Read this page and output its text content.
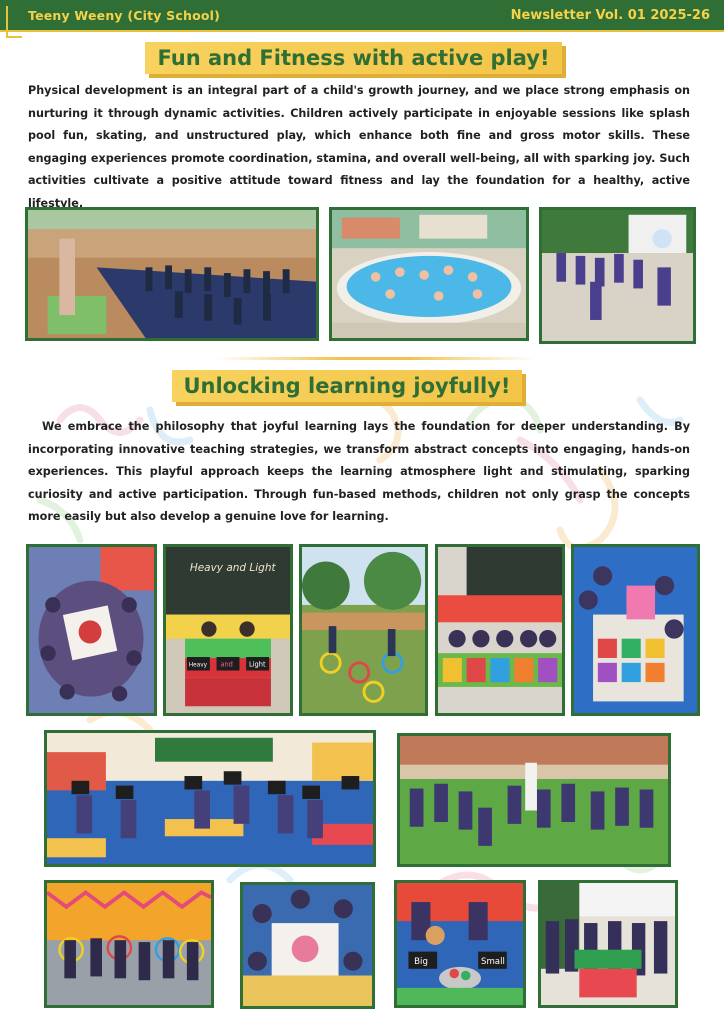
Teeny Weeny (City School)	Newsletter Vol. 01 2025-26
Fun and Fitness with active play!

Physical development is an integral part of a child's growth journey, and we place strong emphasis on nurturing it through dynamic activities. Children actively participate in enjoyable sessions like splash pool fun, skating, and unstructured play, which enhance both fine and gross motor skills. These engaging experiences promote coordination, stamina, and overall well-being, all with sparking joy. Such activities cultivate a positive attitude toward fitness and lay the foundation for a healthy, active lifestyle.

Unlocking learning joyfully!

We embrace the philosophy that joyful learning lays the foundation for deeper understanding. By incorporating innovative teaching strategies, we transform abstract concepts into engaging, hands-on experiences. This playful approach keeps the learning atmosphere light and stimulating, sparking curiosity and active participation. Through fun-based methods, children not only grasp the concepts more easily but also develop a genuine love for learning.

Heavy and Light
Heavy and Light
Big	Small
